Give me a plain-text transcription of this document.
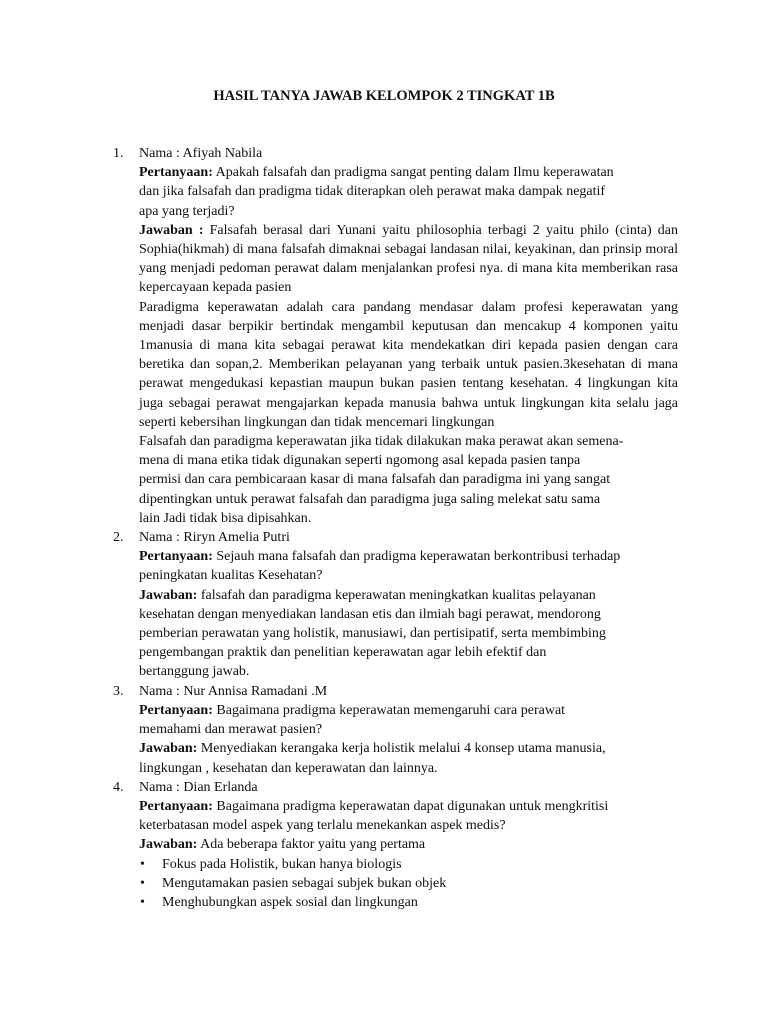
HASIL TANYA JAWAB KELOMPOK 2 TINGKAT 1B
1. Nama : Afiyah Nabila
Pertanyaan: Apakah falsafah dan pradigma sangat penting dalam Ilmu keperawatan
dan jika falsafah dan pradigma tidak diterapkan oleh perawat maka dampak negatif
apa yang terjadi?
Jawaban : Falsafah berasal dari Yunani yaitu philosophia terbagi 2 yaitu philo (cinta) dan Sophia(hikmah) di mana falsafah dimaknai sebagai landasan nilai, keyakinan, dan prinsip moral yang menjadi pedoman perawat dalam menjalankan profesi nya. di mana kita memberikan rasa kepercayaan kepada pasien
Paradigma keperawatan adalah cara pandang mendasar dalam profesi keperawatan yang menjadi dasar berpikir bertindak mengambil keputusan dan mencakup 4 komponen yaitu 1manusia di mana kita sebagai perawat kita mendekatkan diri kepada pasien dengan cara beretika dan sopan,2. Memberikan pelayanan yang terbaik untuk pasien.3kesehatan di mana perawat mengedukasi kepastian maupun bukan pasien tentang kesehatan. 4 lingkungan kita juga sebagai perawat mengajarkan kepada manusia bahwa untuk lingkungan kita selalu jaga seperti kebersihan lingkungan dan tidak mencemari lingkungan
Falsafah dan paradigma keperawatan jika tidak dilakukan maka perawat akan semena-
mena di mana etika tidak digunakan seperti ngomong asal kepada pasien tanpa
permisi dan cara pembicaraan kasar di mana falsafah dan paradigma ini yang sangat
dipentingkan untuk perawat falsafah dan paradigma juga saling melekat satu sama
lain Jadi tidak bisa dipisahkan.
2. Nama : Riryn Amelia Putri
Pertanyaan: Sejauh mana falsafah dan pradigma keperawatan berkontribusi terhadap
peningkatan kualitas Kesehatan?
Jawaban: falsafah dan paradigma keperawatan meningkatkan kualitas pelayanan
kesehatan dengan menyediakan landasan etis dan ilmiah bagi perawat, mendorong
pemberian perawatan yang holistik, manusiawi, dan pertisipatif, serta membimbing
pengembangan praktik dan penelitian keperawatan agar lebih efektif dan
bertanggung jawab.
3. Nama : Nur Annisa Ramadani .M
Pertanyaan: Bagaimana pradigma keperawatan memengaruhi cara perawat
memahami dan merawat pasien?
Jawaban: Menyediakan kerangaka kerja holistik melalui 4 konsep utama manusia,
lingkungan , kesehatan dan keperawatan dan lainnya.
4. Nama : Dian Erlanda
Pertanyaan: Bagaimana pradigma keperawatan dapat digunakan untuk mengkritisi
keterbatasan model aspek yang terlalu menekankan aspek medis?
Jawaban: Ada beberapa faktor yaitu yang pertama
• Fokus pada Holistik, bukan hanya biologis
• Mengutamakan pasien sebagai subjek bukan objek
• Menghubungkan aspek sosial dan lingkungan
